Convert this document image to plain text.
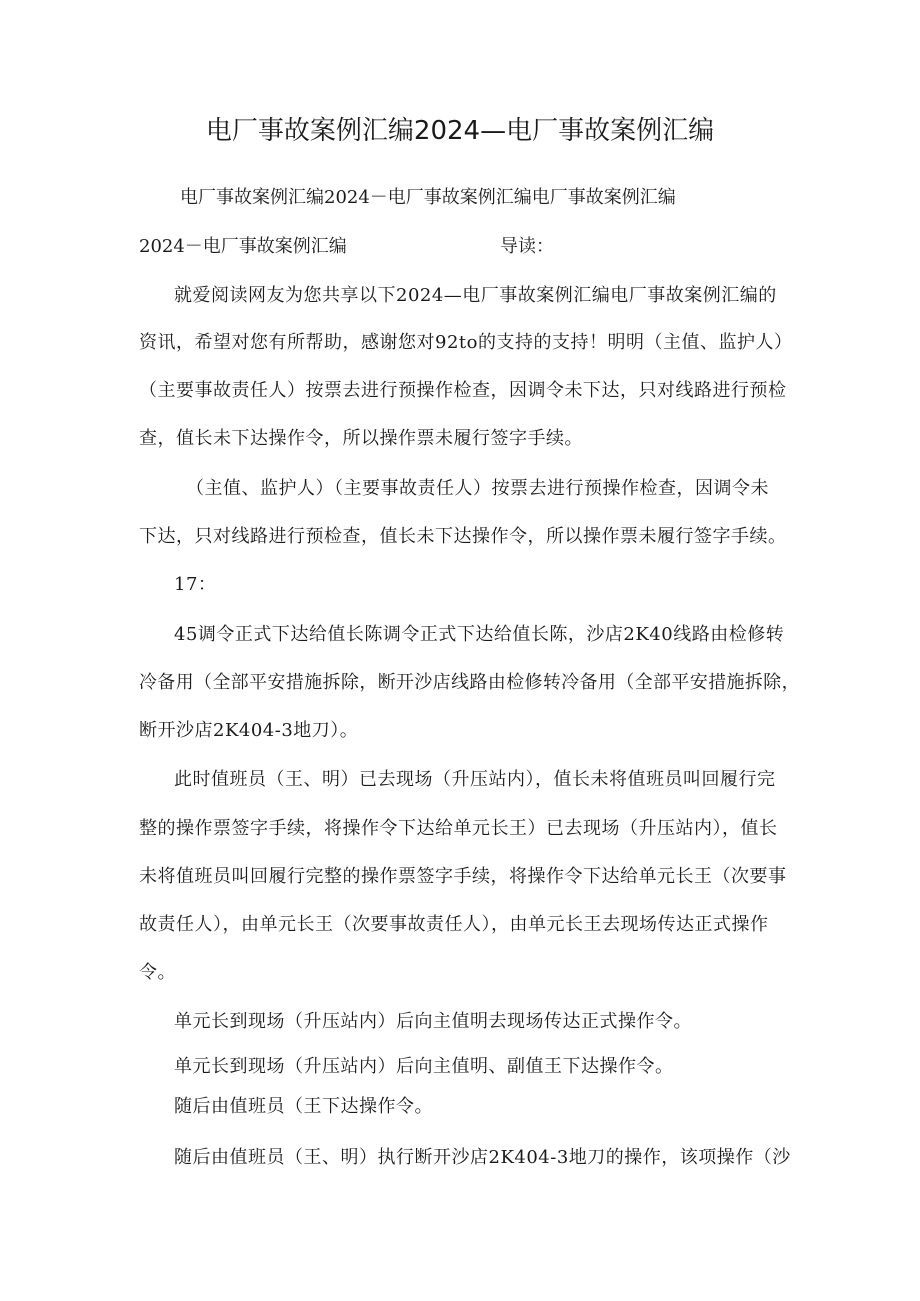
电厂事故案例汇编2024—电厂事故案例汇编
电厂事故案例汇编2024－电厂事故案例汇编电厂事故案例汇编
2024－电厂事故案例汇编	导读：
就爱阅读网友为您共享以下2024—电厂事故案例汇编电厂事故案例汇编的
资讯，希望对您有所帮助，感谢您对92to的支持的支持！明明（主值、监护人）
（主要事故责任人）按票去进行预操作检查，因调令未下达，只对线路进行预检
查，值长未下达操作令，所以操作票未履行签字手续。
（主值、监护人）（主要事故责任人）按票去进行预操作检查，因调令未
下达，只对线路进行预检查，值长未下达操作令，所以操作票未履行签字手续。
17：
45调令正式下达给值长陈调令正式下达给值长陈，沙店2K40线路由检修转
冷备用（全部平安措施拆除，断开沙店线路由检修转冷备用（全部平安措施拆除，
断开沙店2K404-3地刀）。
此时值班员（王、明）已去现场（升压站内），值长未将值班员叫回履行完
整的操作票签字手续，将操作令下达给单元长王）已去现场（升压站内），值长
未将值班员叫回履行完整的操作票签字手续，将操作令下达给单元长王（次要事
故责任人），由单元长王（次要事故责任人），由单元长王去现场传达正式操作
令。
单元长到现场（升压站内）后向主值明去现场传达正式操作令。
单元长到现场（升压站内）后向主值明、副值王下达操作令。
随后由值班员（王下达操作令。
随后由值班员（王、明）执行断开沙店2K404-3地刀的操作，该项操作（沙
